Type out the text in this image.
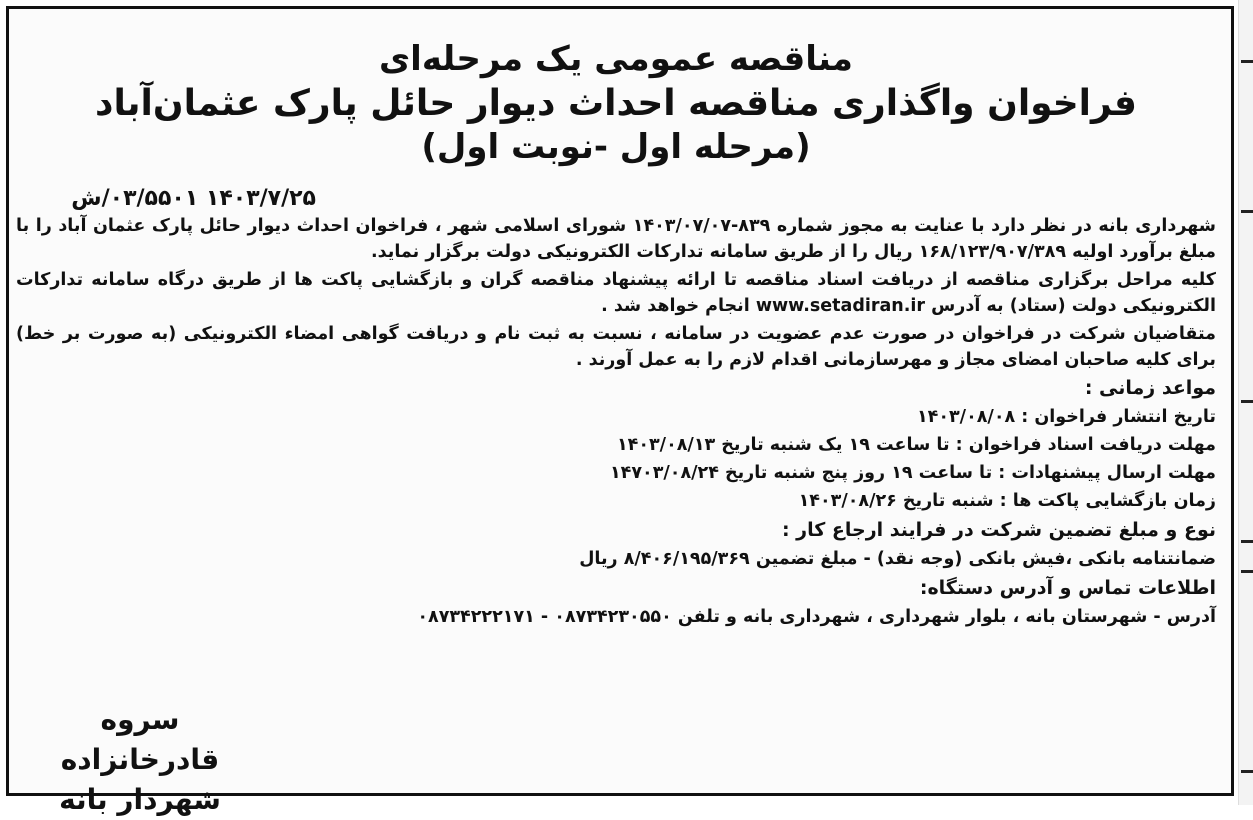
مناقصه عمومی یک مرحله‌ای
فراخوان واگذاری مناقصه احداث دیوار حائل پارک عثمان‌آباد
(مرحله اول -نوبت اول)
۱۴۰۳/۷/۲۵ ۰۳/۵۵۰۱/ش

شهرداری بانه در نظر دارد با عنایت به مجوز شماره ۸۳۹-۱۴۰۳/۰۷/۰۷ شورای اسلامی شهر ، فراخوان احداث دیوار حائل پارک عثمان آباد را با مبلغ برآورد اولیه ۱۶۸/۱۲۳/۹۰۷/۳۸۹ ریال را از طریق سامانه تدارکات الکترونیکی دولت برگزار نماید.

کلیه مراحل برگزاری مناقصه از دریافت اسناد مناقصه تا ارائه پیشنهاد مناقصه گران و بازگشایی پاکت ها از طریق درگاه سامانه تدارکات الکترونیکی دولت (ستاد) به آدرس www.setadiran.ir انجام خواهد شد .

متقاضیان شرکت در فراخوان در صورت عدم عضویت در سامانه ، نسبت به ثبت نام و دریافت گواهی امضاء الکترونیکی (به صورت بر خط) برای کلیه صاحبان امضای مجاز و مهرسازمانی اقدام لازم را به عمل آورند .

مواعد زمانی :
تاریخ انتشار فراخوان : ۱۴۰۳/۰۸/۰۸
مهلت دریافت اسناد فراخوان : تا ساعت ۱۹ یک شنبه تاریخ ۱۴۰۳/۰۸/۱۳
مهلت ارسال پیشنهادات : تا ساعت ۱۹ روز پنج شنبه تاریخ ۱۴۷۰۳/۰۸/۲۴
زمان بازگشایی پاکت ها : شنبه تاریخ ۱۴۰۳/۰۸/۲۶
نوع و مبلغ تضمین شرکت در فرایند ارجاع کار :
ضمانتنامه بانکی ،فیش بانکی (وجه نقد) - مبلغ تضمین ۸/۴۰۶/۱۹۵/۳۶۹ ریال
اطلاعات تماس و آدرس دستگاه:
آدرس - شهرستان بانه ، بلوار شهرداری ، شهرداری بانه و تلفن ۰۸۷۳۴۲۳۰۵۵۰ - ۰۸۷۳۴۲۲۲۱۷۱
سروه قادرخانزاده
شهردار بانه
